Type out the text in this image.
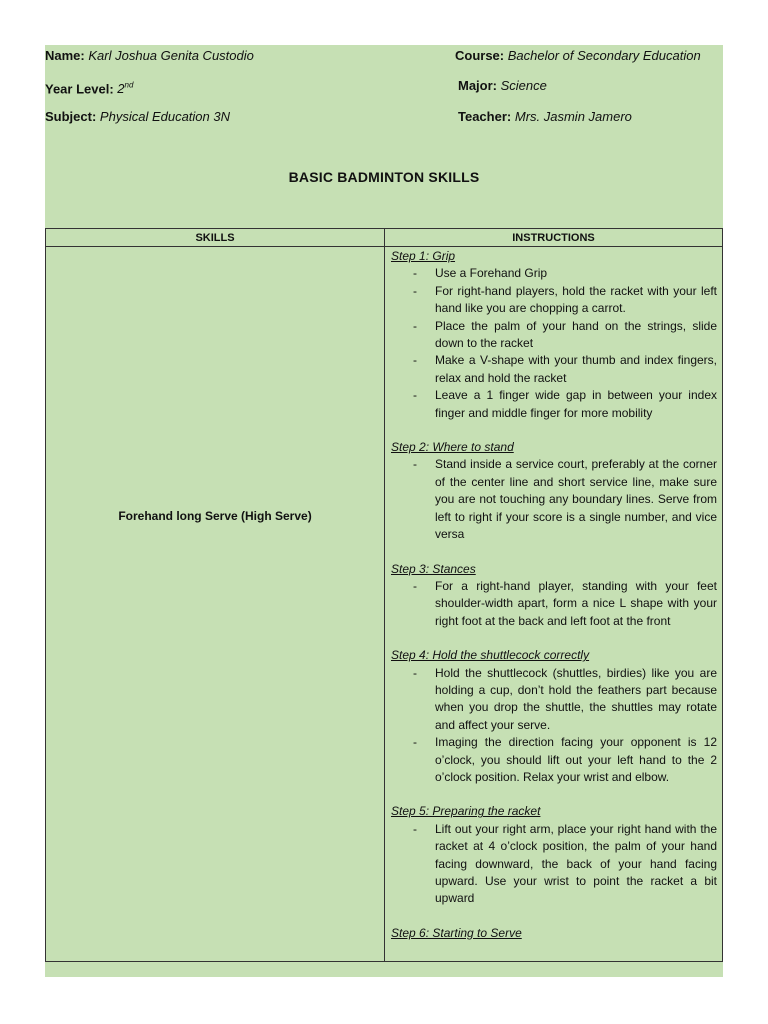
Name: Karl Joshua Genita Custodio	Course: Bachelor of Secondary Education
Year Level: 2nd	Major: Science
Subject: Physical Education 3N	Teacher: Mrs. Jasmin Jamero
BASIC BADMINTON SKILLS
SKILLS	INSTRUCTIONS
Forehand long Serve (High Serve)

Step 1: Grip

- Use a Forehand Grip
- For right-hand players, hold the racket with your left hand like you are chopping a carrot.
- Place the palm of your hand on the strings, slide down to the racket
- Make a V-shape with your thumb and index fingers, relax and hold the racket
- Leave a 1 finger wide gap in between your index finger and middle finger for more mobility

Step 2: Where to stand

- Stand inside a service court, preferably at the corner of the center line and short service line, make sure you are not touching any boundary lines. Serve from left to right if your score is a single number, and vice versa

Step 3: Stances

- For a right-hand player, standing with your feet shoulder-width apart, form a nice L shape with your right foot at the back and left foot at the front

Step 4: Hold the shuttlecock correctly

- Hold the shuttlecock (shuttles, birdies) like you are holding a cup, don’t hold the feathers part because when you drop the shuttle, the shuttles may rotate and affect your serve.
- Imaging the direction facing your opponent is 12 o’clock, you should lift out your left hand to the 2 o’clock position. Relax your wrist and elbow.

Step 5: Preparing the racket

- Lift out your right arm, place your right hand with the racket at 4 o’clock position, the palm of your hand facing downward, the back of your hand facing upward. Use your wrist to point the racket a bit upward

Step 6: Starting to Serve
